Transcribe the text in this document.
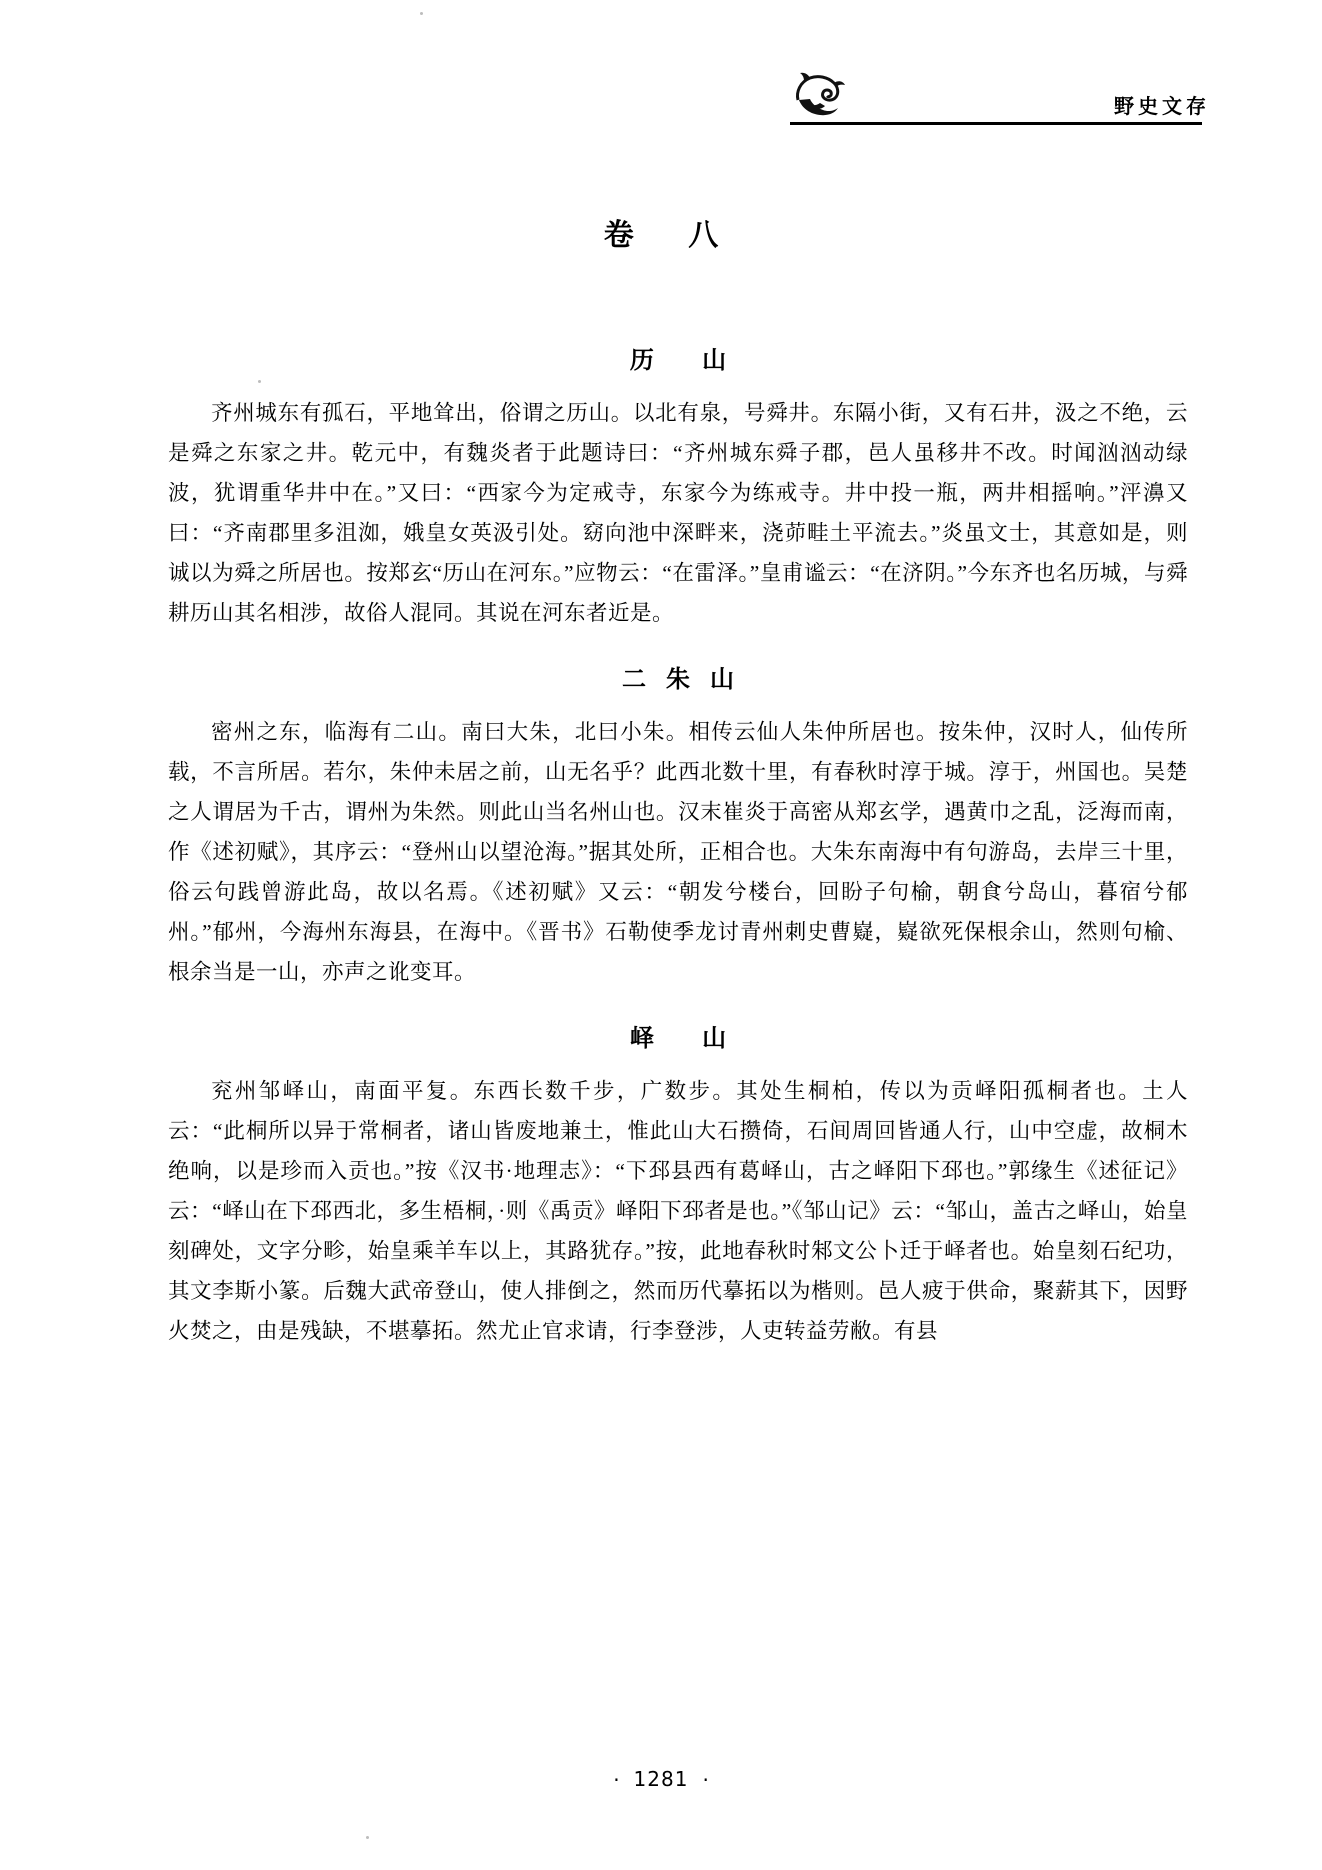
野史文存
卷 八
历 山

齐州城东有孤石，平地耸出，俗谓之历山。以北有泉，号舜井。东隔小街，又有石井，汲之不绝，云是舜之东家之井。乾元中，有魏炎者于此题诗曰：“齐州城东舜子郡，邑人虽移井不改。时闻汹汹动绿波，犹谓重华井中在。”又曰：“西家今为定戒寺，东家今为练戒寺。井中投一瓶，两井相摇响。”泙濞又曰：“齐南郡里多沮洳，娥皇女英汲引处。窈向池中深畔来，浇茆畦土平流去。”炎虽文士，其意如是，则诚以为舜之所居也。按郑玄“历山在河东。”应物云：“在雷泽。”皇甫谧云：“在济阴。”今东齐也名历城，与舜耕历山其名相涉，故俗人混同。其说在河东者近是。

二朱山

密州之东，临海有二山。南曰大朱，北曰小朱。相传云仙人朱仲所居也。按朱仲，汉时人，仙传所载，不言所居。若尔，朱仲未居之前，山无名乎？此西北数十里，有春秋时淳于城。淳于，州国也。吴楚之人谓居为千古，谓州为朱然。则此山当名州山也。汉末崔炎于高密从郑玄学，遇黄巾之乱，泛海而南，作《述初赋》，其序云：“登州山以望沧海。”据其处所，正相合也。大朱东南海中有句游岛，去岸三十里，俗云句践曾游此岛，故以名焉。《述初赋》又云：“朝发兮楼台，回盼子句榆，朝食兮岛山，暮宿兮郁州。”郁州，今海州东海县，在海中。《晋书》石勒使季龙讨青州刺史曹嶷，嶷欲死保根余山，然则句榆、根余当是一山，亦声之讹变耳。

峄 山

兖州邹峄山，南面平复。东西长数千步，广数步。其处生桐柏，传以为贡峄阳孤桐者也。土人云：“此桐所以异于常桐者，诸山皆废地兼土，惟此山大石攒倚，石间周回皆通人行，山中空虚，故桐木绝响，以是珍而入贡也。”按《汉书·地理志》：“下邳县西有葛峄山，古之峄阳下邳也。”郭缘生《述征记》云：“峄山在下邳西北，多生梧桐，·则《禹贡》峄阳下邳者是也。”《邹山记》云：“邹山，盖古之峄山，始皇刻碑处，文字分畛，始皇乘羊车以上，其路犹存。”按，此地春秋时邾文公卜迁于峄者也。始皇刻石纪功，其文李斯小篆。后魏大武帝登山，使人排倒之，然而历代摹拓以为楷则。邑人疲于供命，聚薪其下，因野火焚之，由是残缺，不堪摹拓。然尤止官求请，行李登涉，人吏转益劳敝。有县

· 1281 ·
